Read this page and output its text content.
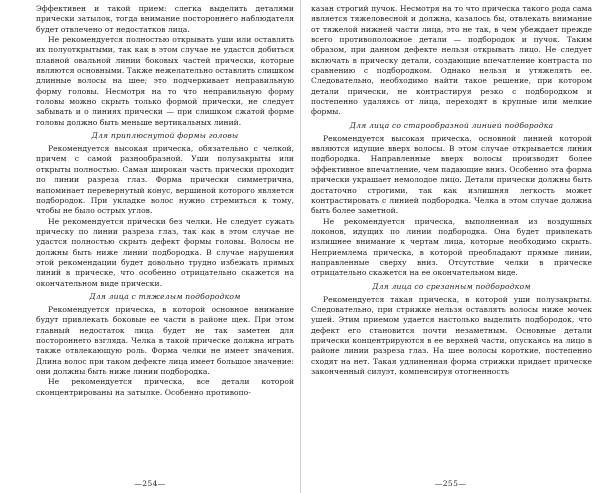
Эффективен и такой прием: слегка выделить деталями прически затылок, тогда внимание постороннего наблюдателя будет отвлечено от недостатков лица.

Не рекомендуется полностью открывать уши или оставлять их полуоткрытыми, так как в этом случае не удастся добиться плавной овальной линии боковых частей прически, которые являются основными. Также нежелательно оставлять слишком длинные волосы на шее; это подчеркивает неправильную форму головы. Несмотря на то что неправильную форму головы можно скрыть только формой прически, не следует забывать и о линиях прически — при слишком сжатой форме головы должно быть меньше вертикальных линий.

Для приплюснутой формы головы

Рекомендуется высокая прическа, обязательно с челкой, причем с самой разнообразной. Уши полузакрыты или открыты полностью. Самая широкая часть прически проходит по линии разреза глаз. Форма прически симметрична, напоминает перевернутый конус, вершиной которого является подбородок. При укладке волос нужно стремиться к тому, чтобы не было острых углов.

Не рекомендуется прически без челки. Не следует сужать прическу по линии разреза глаз, так как в этом случае не удастся полностью скрыть дефект формы головы. Волосы не должны быть ниже линии подбородка. В случае нарушения этой рекомендации будет довольно трудно избежать прямых линий в прическе, что особенно отрицательно скажется на окончательном виде прически.

Для лица с тяжелым подбородком

Рекомендуется прическа, в которой основное внимание будут привлекать боковые ее части в районе щек. При этом главный недостаток лица будет не так заметен для постороннего взгляда. Челка в такой прическе должна играть также отвлекающую роль. Форма челки не имеет значения. Длина волос при таком дефекте лица имеет большое значение: они должны быть ниже линии подбородка.

Не рекомендуется прическа, все детали которой сконцентрированы на затылке. Особенно противопо-

—254—

казан строгий пучок. Несмотря на то что прическа такого рода сама является тяжеловесной и должна, казалось бы, отвлекать внимание от тяжелой нижней части лица, это не так, в чем убеждает прежде всего противоположное детали — подбородок и пучок. Таким образом, при данном дефекте нельзя открывать лицо. Не следует включать в прическу детали, создающие впечатление контраста по сравнению с подбородком. Однако нельзя и утяжелять ее. Следовательно, необходимо найти такое решение, при котором детали прически, не контрастируя резко с подбородком и постепенно удаляясь от лица, переходят в крупные или мелкие формы.

Для лица со старообразной линией подбородка

Рекомендуется высокая прическа, основной линией которой являются идущие вверх волосы. В этом случае открывается линия подбородка. Направленные вверх волосы производят более эффективное впечатление, чем падающие вниз. Особенно эта форма прически украшает немолодое лицо. Детали прически должны быть достаточно строгими, так как излишняя легкость может контрастировать с линией подбородка. Челка в этом случае должна быть более заметной.

Не рекомендуется прическа, выполненная из воздушных локонов, идущих по линии подбородка. Она будет привлекать излишнее внимание к чертам лица, которые необходимо скрыть. Неприемлема прическа, в которой преобладают прямые линии, направленные сверху вниз. Отсутствие челки в прическе отрицательно скажется на ее окончательном виде.

Для лица со срезанным подбородком

Рекомендуется такая прическа, в которой уши полузакрыты. Следовательно, при стрижке нельзя оставлять волосы ниже мочек ушей. Этим приемом удается настолько выделить подбородок, что дефект его становится почти незаметным. Основные детали прически концентрируются в ее верхней части, опускаясь на лицо в районе линии разреза глаз. На шее волосы короткие, постепенно сходят на нет. Такая удлиненная форма стрижки придает прическе законченный силуэт, компенсируя отогненность

—255—
